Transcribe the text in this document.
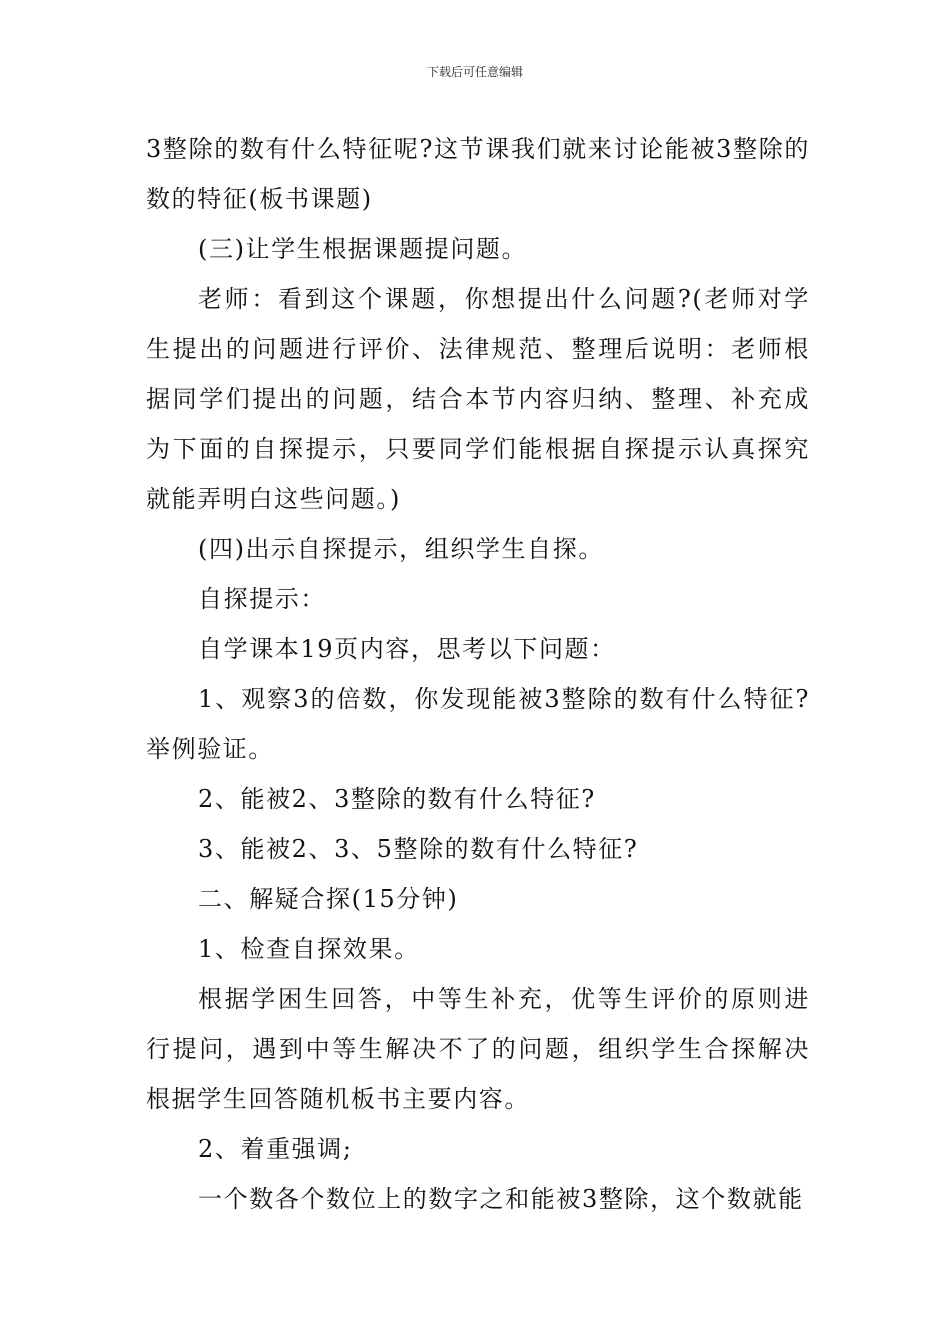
下载后可任意编辑

3整除的数有什么特征呢?这节课我们就来讨论能被3整除的数的特征(板书课题)

(三)让学生根据课题提问题。

老师：看到这个课题，你想提出什么问题?(老师对学生提出的问题进行评价、法律规范、整理后说明：老师根据同学们提出的问题，结合本节内容归纳、整理、补充成为下面的自探提示，只要同学们能根据自探提示认真探究就能弄明白这些问题。)

(四)出示自探提示，组织学生自探。

自探提示：

自学课本19页内容，思考以下问题：

1、观察3的倍数，你发现能被3整除的数有什么特征?举例验证。

2、能被2、3整除的数有什么特征?

3、能被2、3、5整除的数有什么特征?

二、解疑合探(15分钟)

1、检查自探效果。

根据学困生回答，中等生补充，优等生评价的原则进行提问，遇到中等生解决不了的问题，组织学生合探解决根据学生回答随机板书主要内容。

2、着重强调;

一个数各个数位上的数字之和能被3整除，这个数就能
